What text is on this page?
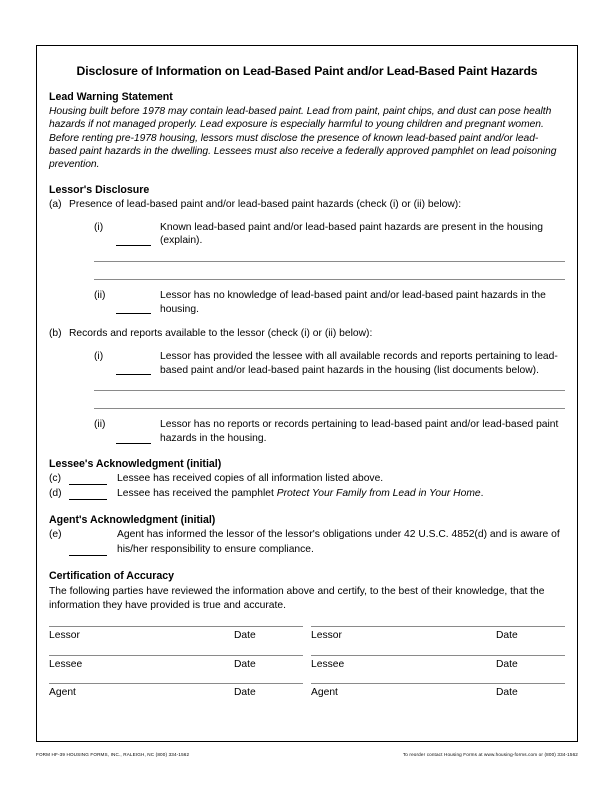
Disclosure of Information on Lead-Based Paint and/or Lead-Based Paint Hazards
Lead Warning Statement
Housing built before 1978 may contain lead-based paint. Lead from paint, paint chips, and dust can pose health hazards if not managed properly. Lead exposure is especially harmful to young children and pregnant women. Before renting pre-1978 housing, lessors must disclose the presence of known lead-based paint and/or lead-based paint hazards in the dwelling. Lessees must also receive a federally approved pamphlet on lead poisoning prevention.
Lessor's Disclosure
(a) Presence of lead-based paint and/or lead-based paint hazards (check (i) or (ii) below):
(i)	Known lead-based paint and/or lead-based paint hazards are present in the housing (explain).
(ii)	Lessor has no knowledge of lead-based paint and/or lead-based paint hazards in the housing.
(b) Records and reports available to the lessor (check (i) or (ii) below):
(i)	Lessor has provided the lessee with all available records and reports pertaining to lead-based paint and/or lead-based paint hazards in the housing (list documents below).
(ii)	Lessor has no reports or records pertaining to lead-based paint and/or lead-based paint hazards in the housing.
Lessee's Acknowledgment (initial)
(c)	Lessee has received copies of all information listed above.
(d)	Lessee has received the pamphlet Protect Your Family from Lead in Your Home.
Agent's Acknowledgment (initial)
(e)	Agent has informed the lessor of the lessor's obligations under 42 U.S.C. 4852(d) and is aware of his/her responsibility to ensure compliance.
Certification of Accuracy
The following parties have reviewed the information above and certify, to the best of their knowledge, that the information they have provided is true and accurate.
Lessor	Date	Lessor	Date
Lessee	Date	Lessee	Date
Agent	Date	Agent	Date
FORM HF-39 HOUSING FORMS, INC., RALEIGH, NC (800) 334-1562	To reorder contact Housing Forms at www.housing-forms.com or (800) 334-1562
